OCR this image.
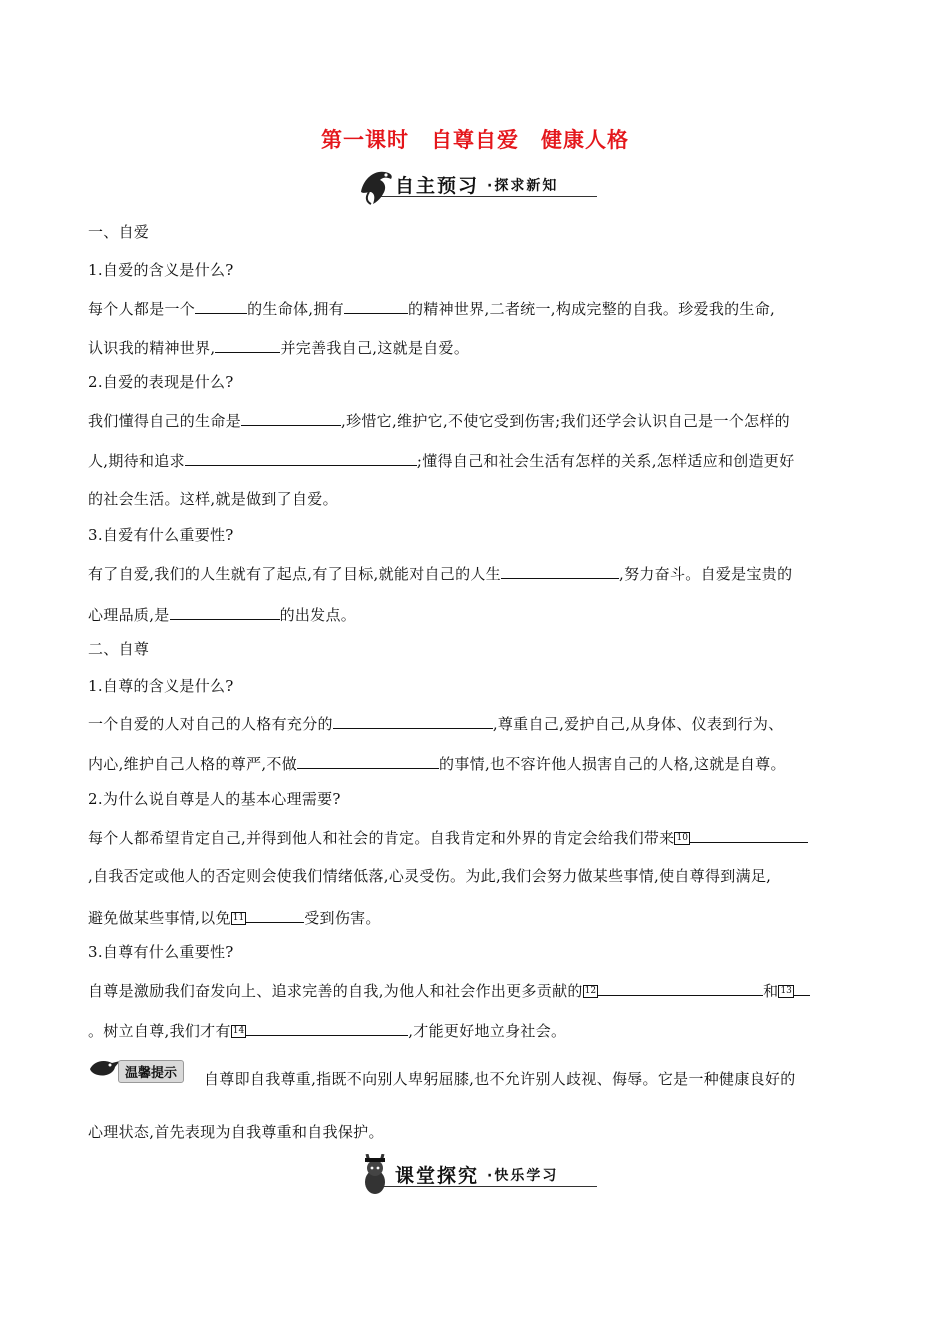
第一课时 自尊自爱 健康人格
自主预习 ·探求新知
一、自爱
1.自爱的含义是什么?
每个人都是一个	的生命体,拥有	的精神世界,二者统一,构成完整的自我。珍爱我的生命,
认识我的精神世界,	并完善我自己,这就是自爱。
2.自爱的表现是什么?
我们懂得自己的生命是	,珍惜它,维护它,不使它受到伤害;我们还学会认识自己是一个怎样的
人,期待和追求	;懂得自己和社会生活有怎样的关系,怎样适应和创造更好
的社会生活。这样,就是做到了自爱。
3.自爱有什么重要性?
有了自爱,我们的人生就有了起点,有了目标,就能对自己的人生	,努力奋斗。自爱是宝贵的
心理品质,是	的出发点。
二、自尊
1.自尊的含义是什么?
一个自爱的人对自己的人格有充分的	,尊重自己,爱护自己,从身体、仪表到行为、
内心,维护自己人格的尊严,不做	的事情,也不容许他人损害自己的人格,这就是自尊。
2.为什么说自尊是人的基本心理需要?
每个人都希望肯定自己,并得到他人和社会的肯定。自我肯定和外界的肯定会给我们带来 10
,自我否定或他人的否定则会使我们情绪低落,心灵受伤。为此,我们会努力做某些事情,使自尊得到满足,
避免做某些事情,以免 11	受到伤害。
3.自尊有什么重要性?
自尊是激励我们奋发向上、追求完善的自我,为他人和社会作出更多贡献的 12	和 13
。树立自尊,我们才有 14	,才能更好地立身社会。
温馨提示	自尊即自我尊重,指既不向别人卑躬屈膝,也不允许别人歧视、侮辱。它是一种健康良好的
心理状态,首先表现为自我尊重和自我保护。
课堂探究 ·快乐学习
